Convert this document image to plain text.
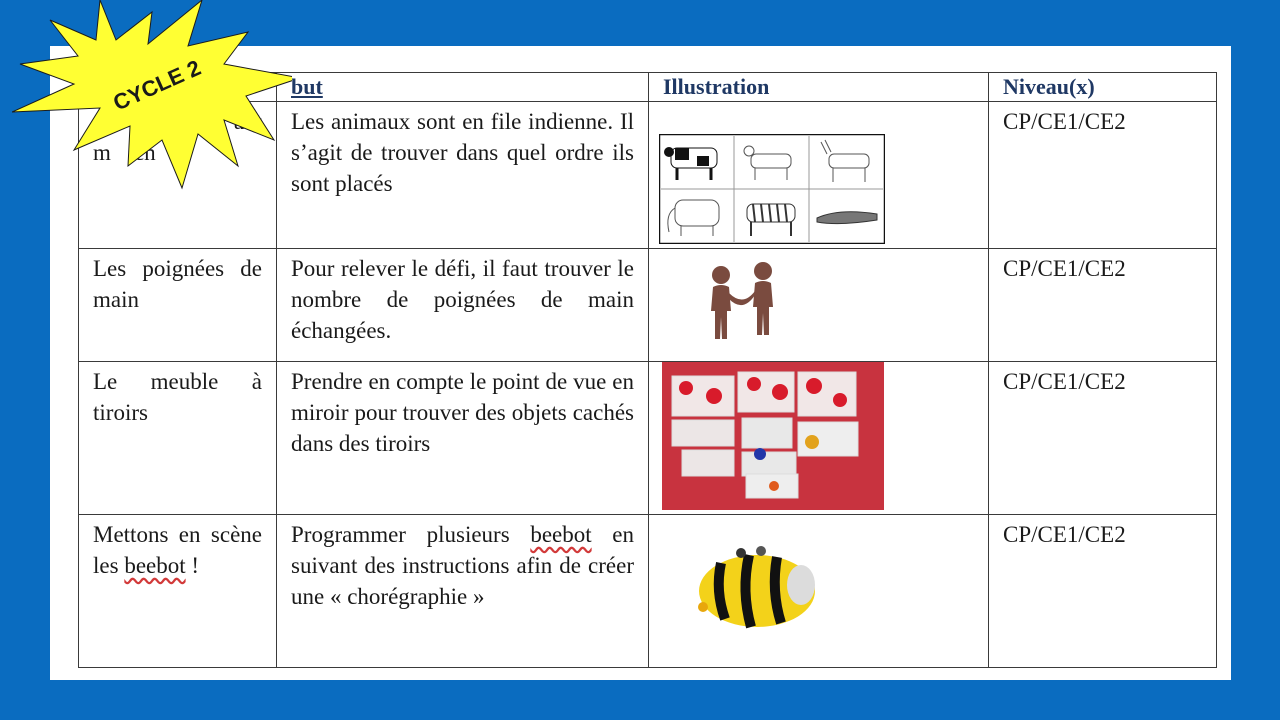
	but	Illustration	Niveau(x)

m    ch	Les animaux sont en file indienne. Il s’agit de trouver dans quel ordre ils sont placés		CP/CE1/CE2
Les poignées de main	Pour relever le défi, il faut trouver le nombre de poignées de main échangées.		CP/CE1/CE2
Le meuble à tiroirs	Prendre en compte le point de vue en miroir pour trouver des objets cachés dans des tiroirs		CP/CE1/CE2
Mettons en scène les beebot !	Programmer plusieurs beebot en suivant des instructions afin de créer une « chorégraphie »		CP/CE1/CE2
CYCLE 2
